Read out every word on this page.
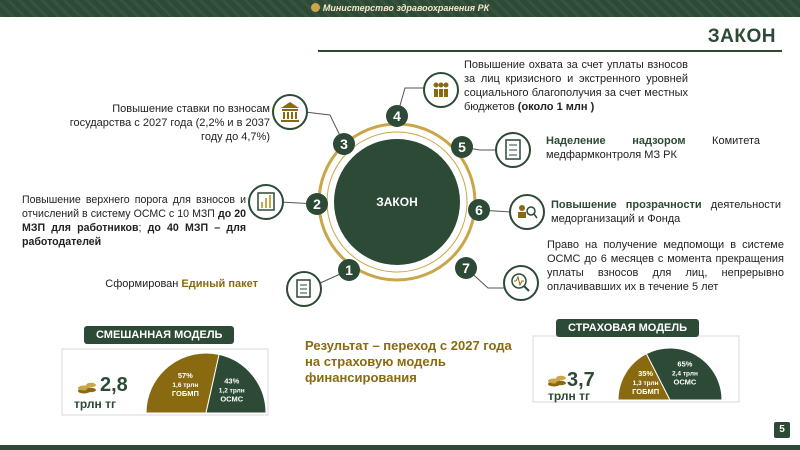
Министерство здравоохранения РК
ЗАКОН
ЗАКОН
1
2
3
4
5
6
7
57%
1,6 трлн
ГОБМП
43%
1,2 трлн
ОСМС
35%
1,3 трлн
ГОБМП
65%
2,4 трлн
ОСМС
Сформирован Единый пакет
Повышение верхнего порога для взносов и отчислений в систему ОСМС с 10 МЗП до 20 МЗП для работников; до 40 МЗП – для работодателей
Повышение ставки по взносам государства с 2027 года (2,2% и в 2037 году до 4,7%)
Повышение охвата за счет уплаты взносов за лиц кризисного и экстренного уровней социального благополучия за счет местных бюджетов (около 1 млн )
Наделение надзором Комитета медфармконтроля МЗ РК
Повышение прозрачности деятельности медорганизаций и Фонда
Право на получение медпомощи в системе ОСМС до 6 месяцев с момента прекращения уплаты взносов для лиц, непрерывно оплачивавших их в течение 5 лет
СМЕШАННАЯ МОДЕЛЬ
2,8
трлн тг
СТРАХОВАЯ МОДЕЛЬ
3,7
трлн тг
Результат – переход с 2027 года на страховую модель финансирования
5
